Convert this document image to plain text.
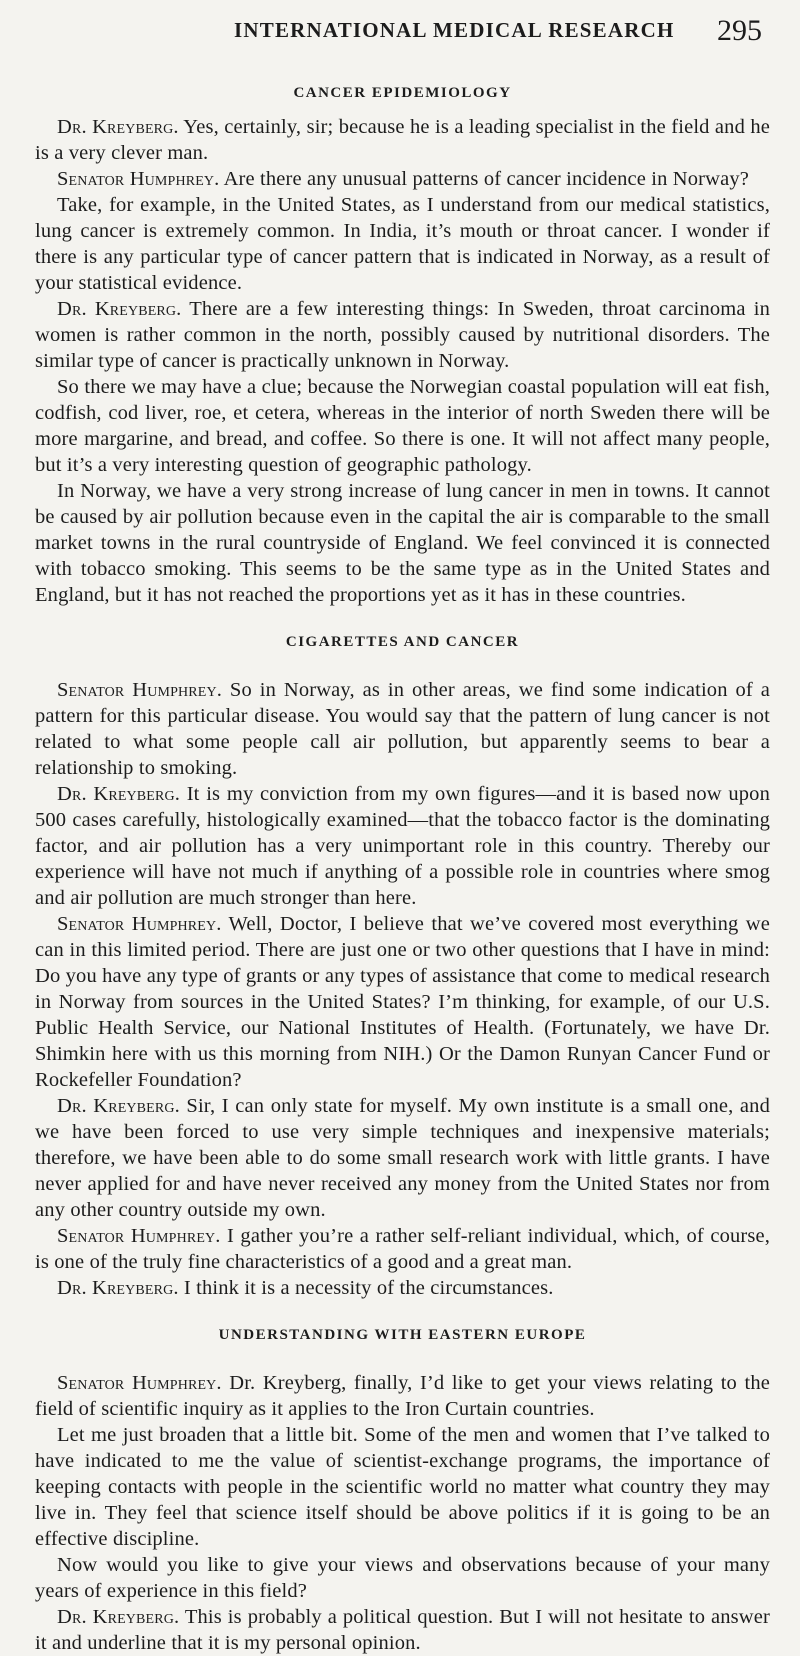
INTERNATIONAL MEDICAL RESEARCH 295
CANCER EPIDEMIOLOGY

Dr. Kreyberg. Yes, certainly, sir; because he is a leading specialist in the field and he is a very clever man.

Senator Humphrey. Are there any unusual patterns of cancer incidence in Norway?

Take, for example, in the United States, as I understand from our medical statistics, lung cancer is extremely common. In India, it’s mouth or throat cancer. I wonder if there is any particular type of cancer pattern that is indicated in Norway, as a result of your statistical evidence.

Dr. Kreyberg. There are a few interesting things: In Sweden, throat carcinoma in women is rather common in the north, possibly caused by nutritional disorders. The similar type of cancer is practically unknown in Norway.

So there we may have a clue; because the Norwegian coastal population will eat fish, codfish, cod liver, roe, et cetera, whereas in the interior of north Sweden there will be more margarine, and bread, and coffee. So there is one. It will not affect many people, but it’s a very interesting question of geographic pathology.

In Norway, we have a very strong increase of lung cancer in men in towns. It cannot be caused by air pollution because even in the capital the air is comparable to the small market towns in the rural countryside of England. We feel convinced it is connected with tobacco smoking. This seems to be the same type as in the United States and England, but it has not reached the proportions yet as it has in these countries.

CIGARETTES AND CANCER

Senator Humphrey. So in Norway, as in other areas, we find some indication of a pattern for this particular disease. You would say that the pattern of lung cancer is not related to what some people call air pollution, but apparently seems to bear a relationship to smoking.

Dr. Kreyberg. It is my conviction from my own figures—and it is based now upon 500 cases carefully, histologically examined—that the tobacco factor is the dominating factor, and air pollution has a very unimportant role in this country. Thereby our experience will have not much if anything of a possible role in countries where smog and air pollution are much stronger than here.

Senator Humphrey. Well, Doctor, I believe that we’ve covered most everything we can in this limited period. There are just one or two other questions that I have in mind: Do you have any type of grants or any types of assistance that come to medical research in Norway from sources in the United States? I’m thinking, for example, of our U.S. Public Health Service, our National Institutes of Health. (Fortunately, we have Dr. Shimkin here with us this morning from NIH.) Or the Damon Runyan Cancer Fund or Rockefeller Foundation?

Dr. Kreyberg. Sir, I can only state for myself. My own institute is a small one, and we have been forced to use very simple techniques and inexpensive materials; therefore, we have been able to do some small research work with little grants. I have never applied for and have never received any money from the United States nor from any other country outside my own.

Senator Humphrey. I gather you’re a rather self-reliant individual, which, of course, is one of the truly fine characteristics of a good and a great man.

Dr. Kreyberg. I think it is a necessity of the circumstances.

UNDERSTANDING WITH EASTERN EUROPE

Senator Humphrey. Dr. Kreyberg, finally, I’d like to get your views relating to the field of scientific inquiry as it applies to the Iron Curtain countries.

Let me just broaden that a little bit. Some of the men and women that I’ve talked to have indicated to me the value of scientist-exchange programs, the importance of keeping contacts with people in the scientific world no matter what country they may live in. They feel that science itself should be above politics if it is going to be an effective discipline.

Now would you like to give your views and observations because of your many years of experience in this field?

Dr. Kreyberg. This is probably a political question. But I will not hesitate to answer it and underline that it is my personal opinion.
